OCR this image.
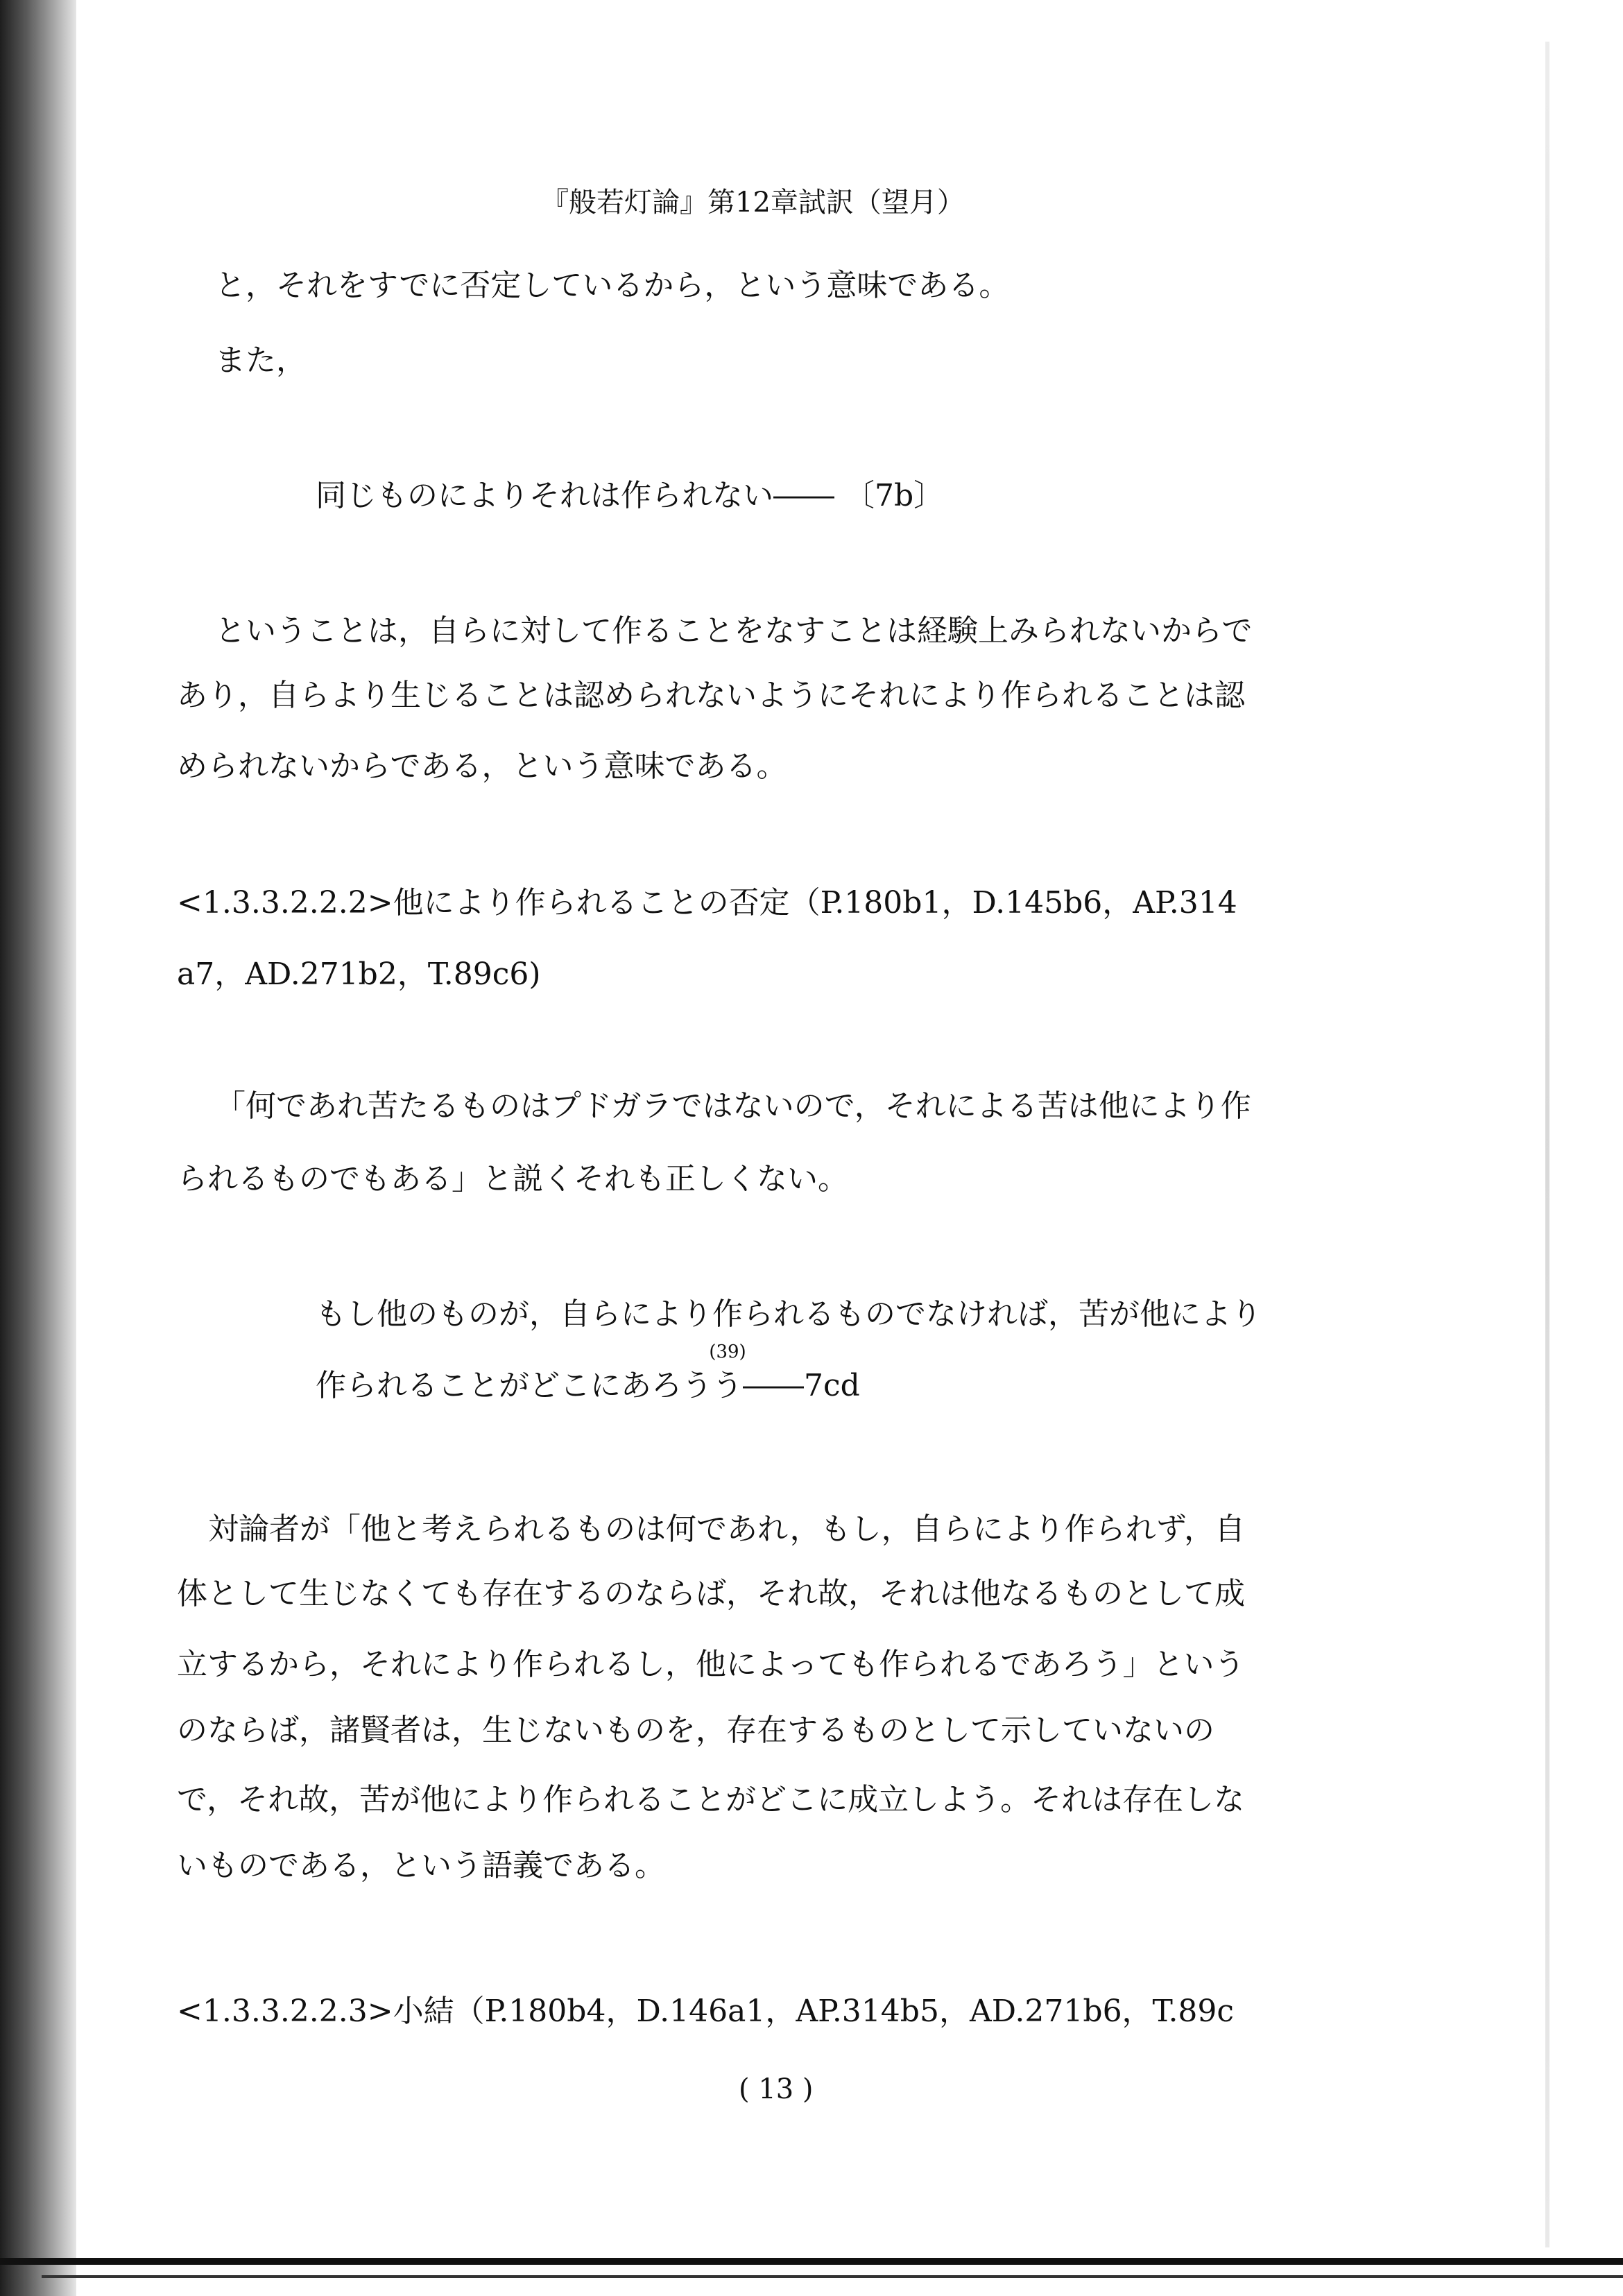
『般若灯論』第12章試訳（望月）
と，それをすでに否定しているから，という意味である。
また，
同じものによりそれは作られない―― 〔7b〕
ということは，自らに対して作ることをなすことは経験上みられないからで
あり，自らより生じることは認められないようにそれにより作られることは認
められないからである，という意味である。
<1.3.3.2.2.2>他により作られることの否定（P.180b1，D.145b6，AP.314
a7，AD.271b2，T.89c6)
「何であれ苦たるものはプドガラではないので，それによる苦は他により作
られるものでもある」と説くそれも正しくない。
もし他のものが，自らにより作られるものでなければ，苦が他により
作られることがどこにあろうう
(39)
――7cd
対論者が「他と考えられるものは何であれ，もし，自らにより作られず，自
体として生じなくても存在するのならば，それ故，それは他なるものとして成
立するから，それにより作られるし，他によっても作られるであろう」という
のならば，諸賢者は，生じないものを，存在するものとして示していないの
で，それ故，苦が他により作られることがどこに成立しよう。それは存在しな
いものである，という語義である。
<1.3.3.2.2.3>小結（P.180b4，D.146a1，AP.314b5，AD.271b6，T.89c
( 13 )
